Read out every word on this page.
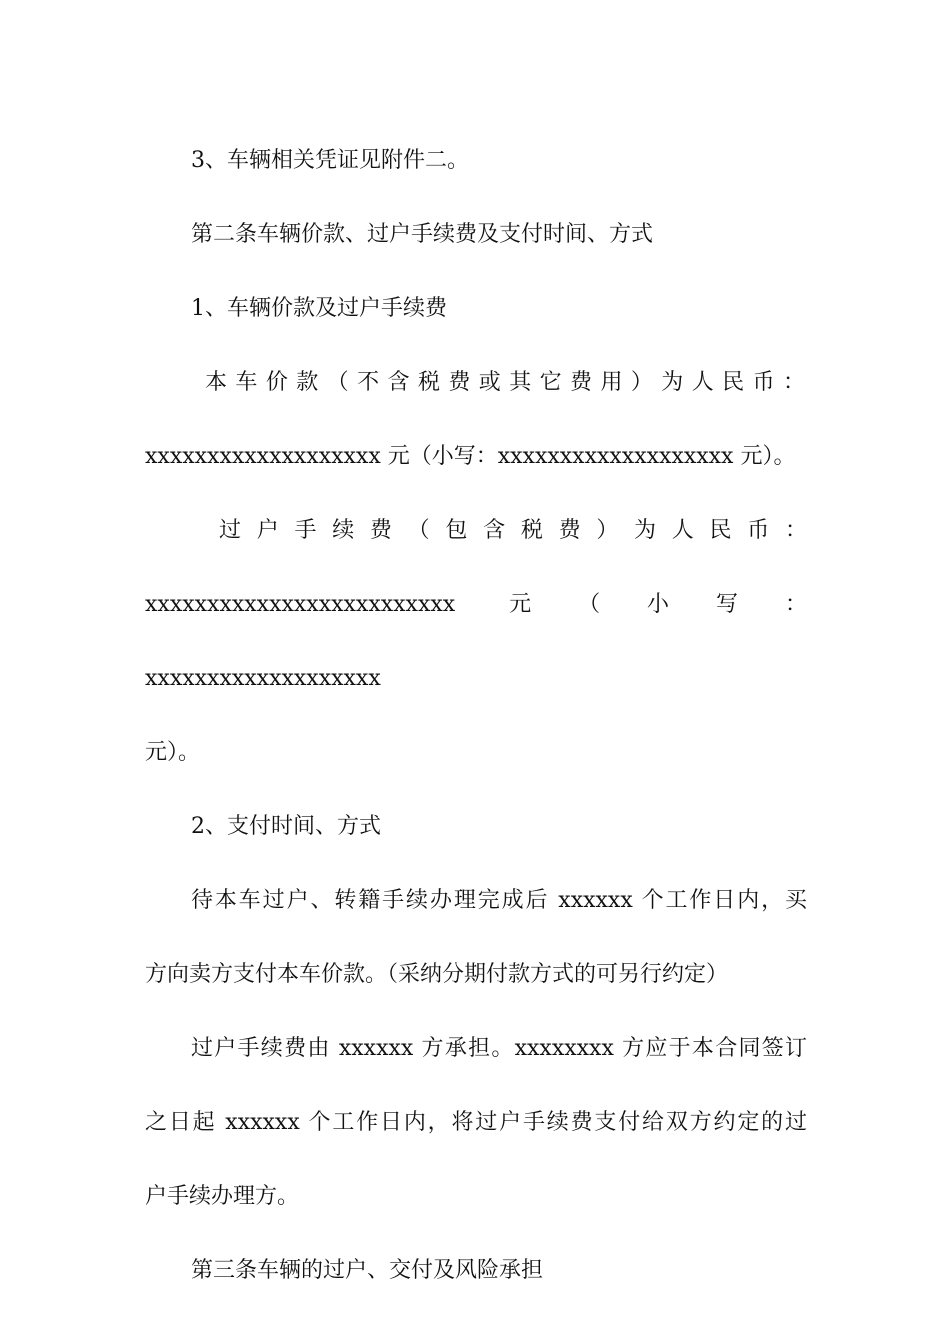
3、车辆相关凭证见附件二。

第二条车辆价款、过户手续费及支付时间、方式

1、车辆价款及过户手续费

本车价款（不含税费或其它费用）为人民币：

xxxxxxxxxxxxxxxxxxx 元（小写：xxxxxxxxxxxxxxxxxxx 元）。

过户手续费（包含税费）为人民币：

xxxxxxxxxxxxxxxxxxxxxxxxx 元（小写：xxxxxxxxxxxxxxxxxxx

元）。

2、支付时间、方式

待本车过户、转籍手续办理完成后 xxxxxx 个工作日内，买

方向卖方支付本车价款。（采纳分期付款方式的可另行约定）

过户手续费由 xxxxxx 方承担。xxxxxxxx 方应于本合同签订

之日起 xxxxxx 个工作日内，将过户手续费支付给双方约定的过

户手续办理方。

第三条车辆的过户、交付及风险承担
